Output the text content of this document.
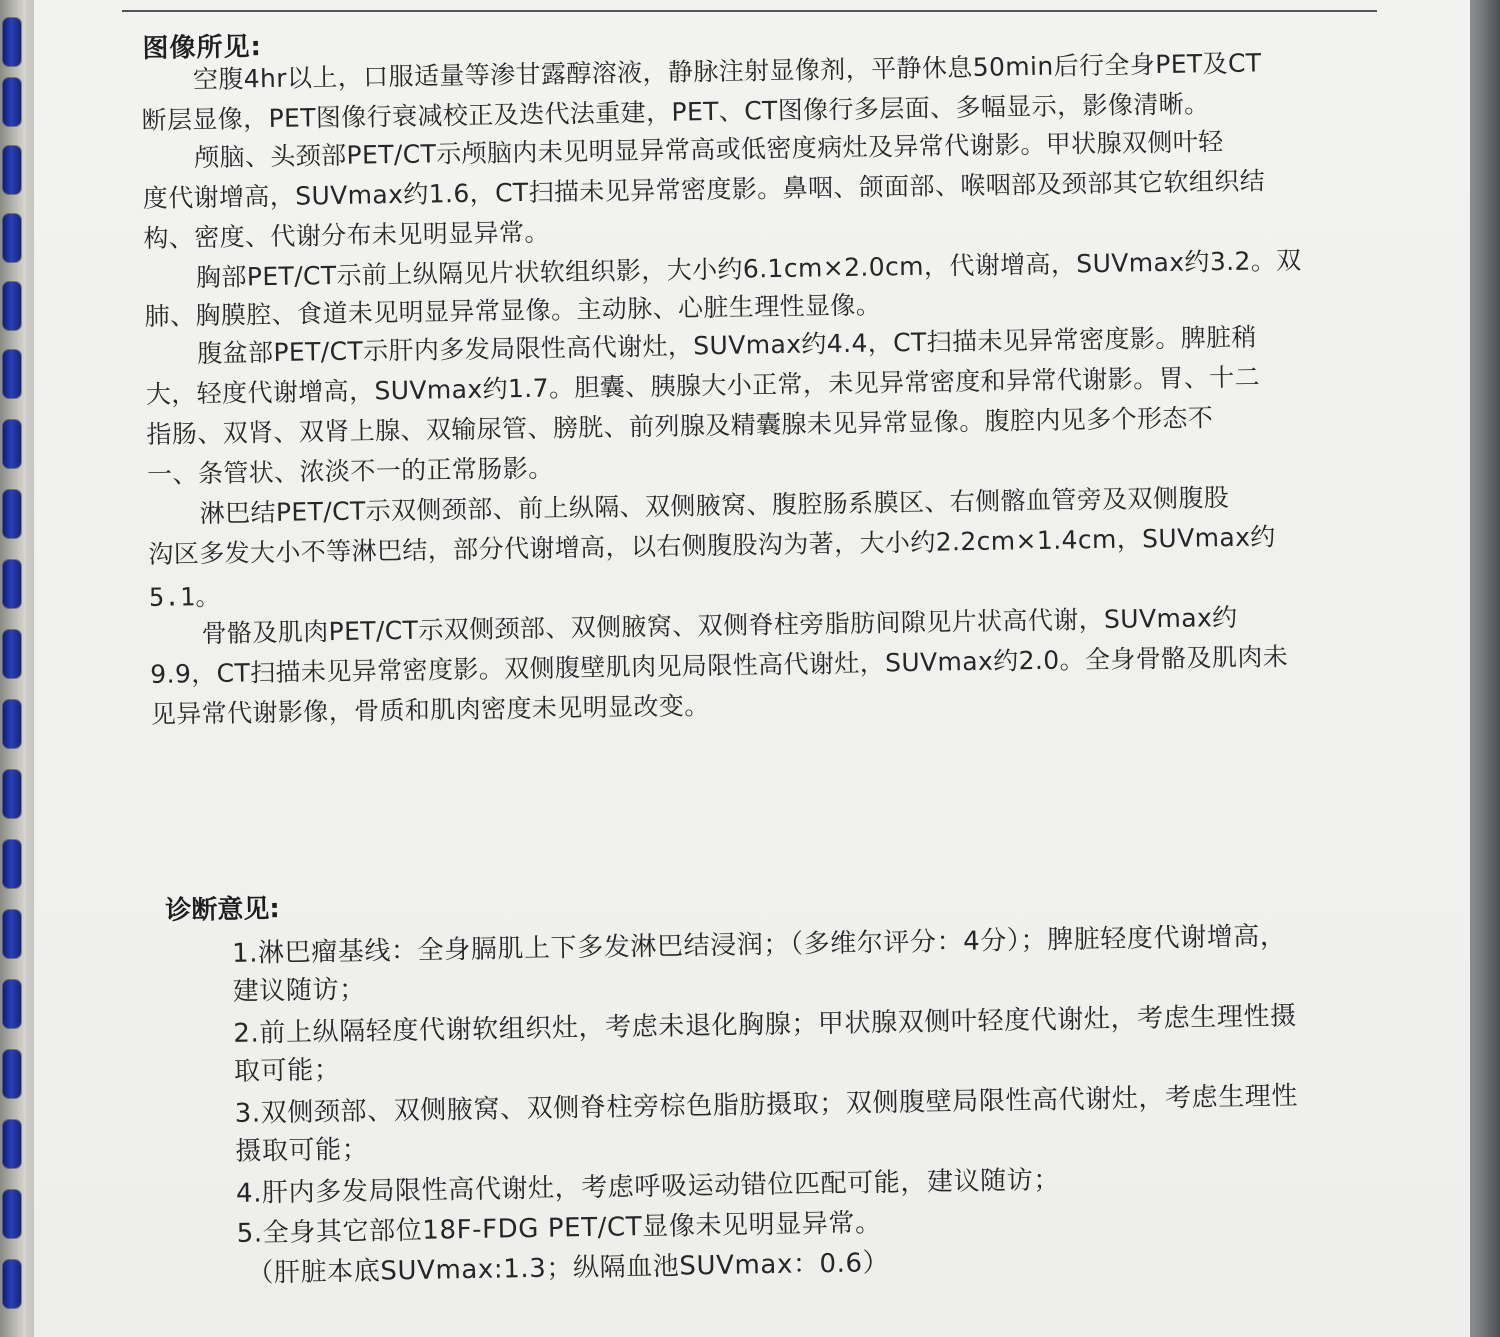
图像所见:
空腹4hr以上，口服适量等渗甘露醇溶液，静脉注射显像剂，平静休息50min后行全身PET及CT
断层显像，PET图像行衰减校正及迭代法重建，PET、CT图像行多层面、多幅显示，影像清晰。
颅脑、头颈部PET/CT示颅脑内未见明显异常高或低密度病灶及异常代谢影。甲状腺双侧叶轻
度代谢增高，SUVmax约1.6，CT扫描未见异常密度影。鼻咽、颌面部、喉咽部及颈部其它软组织结
构、密度、代谢分布未见明显异常。
胸部PET/CT示前上纵隔见片状软组织影，大小约6.1cm×2.0cm，代谢增高，SUVmax约3.2。双
肺、胸膜腔、食道未见明显异常显像。主动脉、心脏生理性显像。
腹盆部PET/CT示肝内多发局限性高代谢灶，SUVmax约4.4，CT扫描未见异常密度影。脾脏稍
大，轻度代谢增高，SUVmax约1.7。胆囊、胰腺大小正常，未见异常密度和异常代谢影。胃、十二
指肠、双肾、双肾上腺、双输尿管、膀胱、前列腺及精囊腺未见异常显像。腹腔内见多个形态不
一、条管状、浓淡不一的正常肠影。
淋巴结PET/CT示双侧颈部、前上纵隔、双侧腋窝、腹腔肠系膜区、右侧髂血管旁及双侧腹股
沟区多发大小不等淋巴结，部分代谢增高，以右侧腹股沟为著，大小约2.2cm×1.4cm，SUVmax约
5.1。
骨骼及肌肉PET/CT示双侧颈部、双侧腋窝、双侧脊柱旁脂肪间隙见片状高代谢，SUVmax约
9.9，CT扫描未见异常密度影。双侧腹壁肌肉见局限性高代谢灶，SUVmax约2.0。全身骨骼及肌肉未
见异常代谢影像，骨质和肌肉密度未见明显改变。
诊断意见:
1.淋巴瘤基线：全身膈肌上下多发淋巴结浸润；（多维尔评分：4分）；脾脏轻度代谢增高，
建议随访；
2.前上纵隔轻度代谢软组织灶，考虑未退化胸腺；甲状腺双侧叶轻度代谢灶，考虑生理性摄
取可能；
3.双侧颈部、双侧腋窝、双侧脊柱旁棕色脂肪摄取；双侧腹壁局限性高代谢灶，考虑生理性
摄取可能；
4.肝内多发局限性高代谢灶，考虑呼吸运动错位匹配可能，建议随访；
5.全身其它部位18F-FDG PET/CT显像未见明显异常。
（肝脏本底SUVmax:1.3；纵隔血池SUVmax：0.6）
